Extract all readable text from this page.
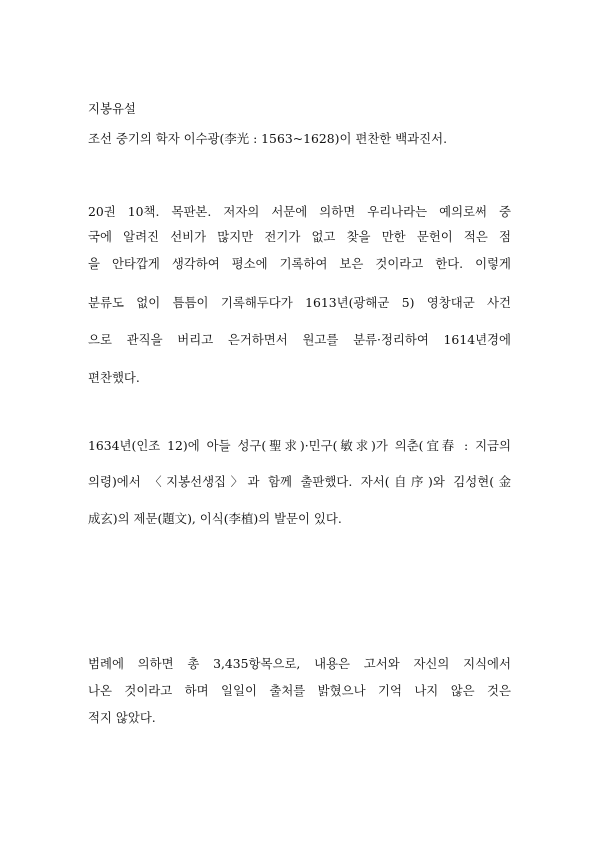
지봉유설
조선 중기의 학자 이수광(李光 : 1563~1628)이 편찬한 백과진서.
20권 10책. 목판본. 저자의 서문에 의하면 우리나라는 예의로써 중
국에 알려진 선비가 많지만 전기가 없고 찾을 만한 문헌이 적은 점
을 안타깝게 생각하여 평소에 기록하여 보은 것이라고 한다. 이렇게
분류도 없이 틈틈이 기록해두다가 1613년(광해군 5) 영창대군 사건
으로 관직을 버리고 은거하면서 원고를 분류·정리하여 1614년경에
편찬했다.
1634년(인조 12)에 아들 성구(聖求)·민구(敏求)가 의춘(宜春 : 지금의
의령)에서 〈지봉선생집〉과 함께 출판했다. 자서(自序)와 김성현(金
成玄)의 제문(題文), 이식(李植)의 발문이 있다.
범례에 의하면 총 3,435항목으로, 내용은 고서와 자신의 지식에서
나온 것이라고 하며 일일이 출처를 밝혔으나 기억 나지 않은 것은
적지 않았다.
